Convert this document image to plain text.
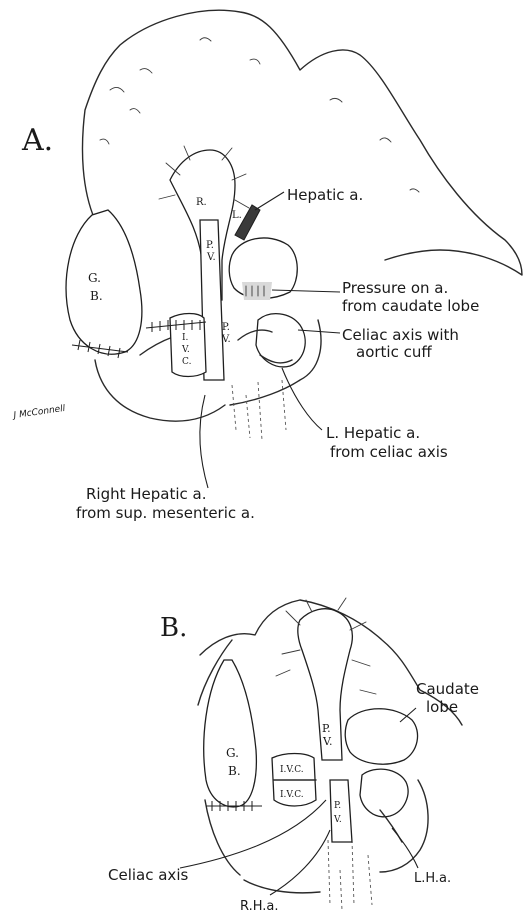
A.
G.
B.
P.
V.
P.
V.
R.
L.
I.
V.
C.
Hepatic a.
Pressure on a.
from caudate lobe
Celiac axis with
aortic cuff
L. Hepatic a.
from celiac axis
Right Hepatic a.
from sup. mesenteric a.
J McConnell
B.
G.
B.
P.
V.
I.V.C.
I.V.C.
P.
V.
Caudate
lobe
Celiac axis
R.H.a.
L.H.a.
